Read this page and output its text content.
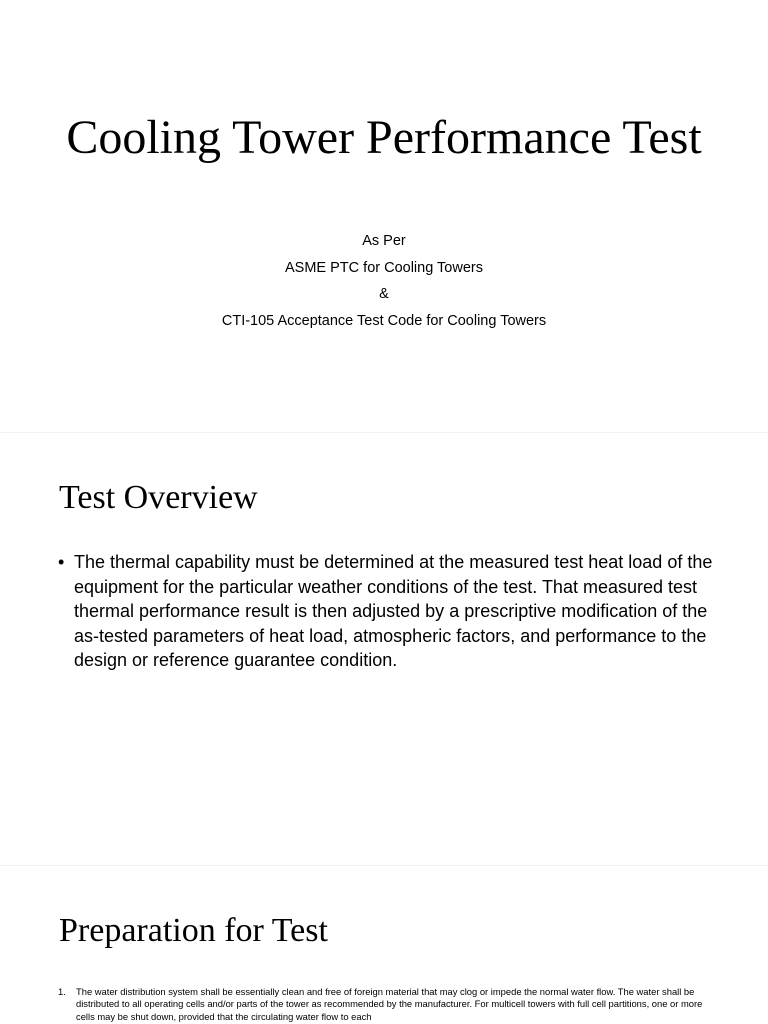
Cooling Tower Performance Test
As Per
ASME PTC for Cooling Towers
&
CTI-105 Acceptance Test Code for Cooling Towers
Test Overview
• The thermal capability must be determined at the measured test heat load of the equipment for the particular weather conditions of the test. That measured test thermal performance result is then adjusted by a prescriptive modification of the as-tested parameters of heat load, atmospheric factors, and performance to the design or reference guarantee condition.
Preparation for Test
1. The water distribution system shall be essentially clean and free of foreign material that may clog or impede the normal water flow. The water shall be distributed to all operating cells and/or parts of the tower as recommended by the manufacturer. For multicell towers with full cell partitions, one or more cells may be shut down, provided that the circulating water flow to each
